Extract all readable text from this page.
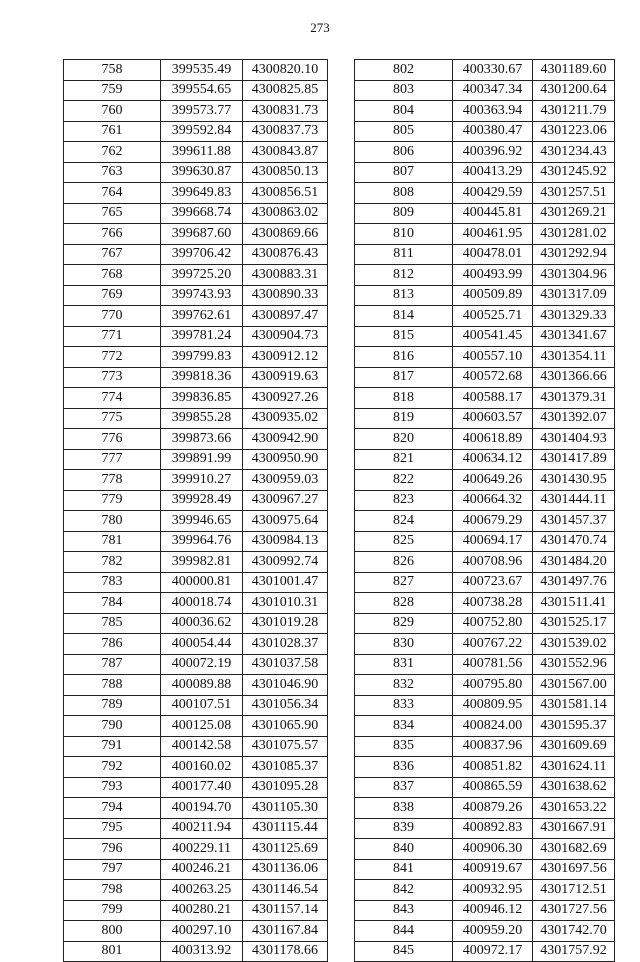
273
758	399535.49	4300820.10
759	399554.65	4300825.85
760	399573.77	4300831.73
761	399592.84	4300837.73
762	399611.88	4300843.87
763	399630.87	4300850.13
764	399649.83	4300856.51
765	399668.74	4300863.02
766	399687.60	4300869.66
767	399706.42	4300876.43
768	399725.20	4300883.31
769	399743.93	4300890.33
770	399762.61	4300897.47
771	399781.24	4300904.73
772	399799.83	4300912.12
773	399818.36	4300919.63
774	399836.85	4300927.26
775	399855.28	4300935.02
776	399873.66	4300942.90
777	399891.99	4300950.90
778	399910.27	4300959.03
779	399928.49	4300967.27
780	399946.65	4300975.64
781	399964.76	4300984.13
782	399982.81	4300992.74
783	400000.81	4301001.47
784	400018.74	4301010.31
785	400036.62	4301019.28
786	400054.44	4301028.37
787	400072.19	4301037.58
788	400089.88	4301046.90
789	400107.51	4301056.34
790	400125.08	4301065.90
791	400142.58	4301075.57
792	400160.02	4301085.37
793	400177.40	4301095.28
794	400194.70	4301105.30
795	400211.94	4301115.44
796	400229.11	4301125.69
797	400246.21	4301136.06
798	400263.25	4301146.54
799	400280.21	4301157.14
800	400297.10	4301167.84
801	400313.92	4301178.66
802	400330.67	4301189.60
803	400347.34	4301200.64
804	400363.94	4301211.79
805	400380.47	4301223.06
806	400396.92	4301234.43
807	400413.29	4301245.92
808	400429.59	4301257.51
809	400445.81	4301269.21
810	400461.95	4301281.02
811	400478.01	4301292.94
812	400493.99	4301304.96
813	400509.89	4301317.09
814	400525.71	4301329.33
815	400541.45	4301341.67
816	400557.10	4301354.11
817	400572.68	4301366.66
818	400588.17	4301379.31
819	400603.57	4301392.07
820	400618.89	4301404.93
821	400634.12	4301417.89
822	400649.26	4301430.95
823	400664.32	4301444.11
824	400679.29	4301457.37
825	400694.17	4301470.74
826	400708.96	4301484.20
827	400723.67	4301497.76
828	400738.28	4301511.41
829	400752.80	4301525.17
830	400767.22	4301539.02
831	400781.56	4301552.96
832	400795.80	4301567.00
833	400809.95	4301581.14
834	400824.00	4301595.37
835	400837.96	4301609.69
836	400851.82	4301624.11
837	400865.59	4301638.62
838	400879.26	4301653.22
839	400892.83	4301667.91
840	400906.30	4301682.69
841	400919.67	4301697.56
842	400932.95	4301712.51
843	400946.12	4301727.56
844	400959.20	4301742.70
845	400972.17	4301757.92
